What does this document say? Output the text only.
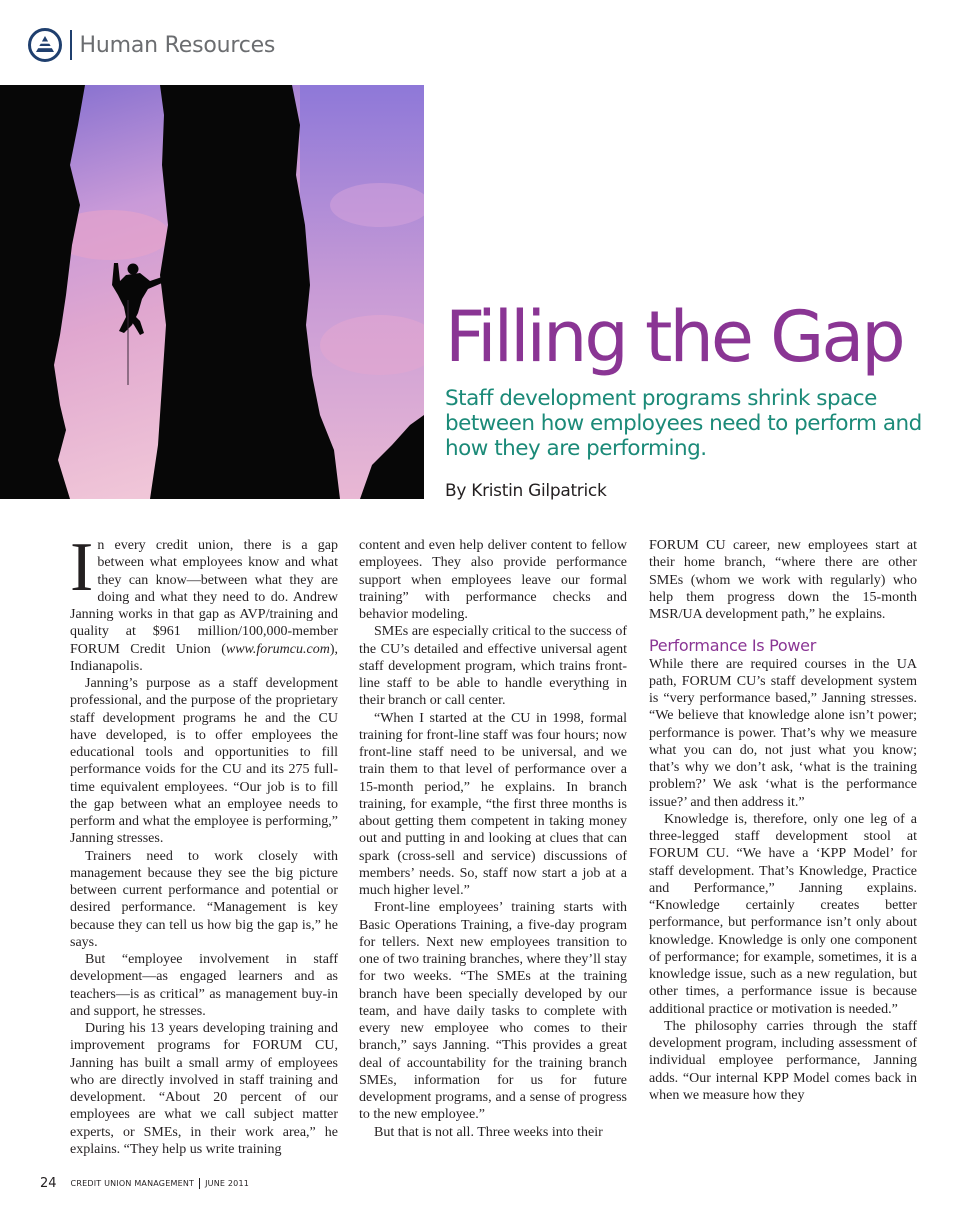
Human Resources
Filling the Gap
Staff development programs shrink space between how employees need to perform and how they are performing.
By Kristin Gilpatrick

In every credit union, there is a gap between what employees know and what they can know—between what they are doing and what they need to do. Andrew Janning works in that gap as AVP/training and quality at $961 million/100,000-member FORUM Credit Union (www.forumcu.com), Indianapolis.

Janning’s purpose as a staff development professional, and the purpose of the proprietary staff development programs he and the CU have developed, is to offer employees the educational tools and opportunities to fill performance voids for the CU and its 275 full-time equivalent employees. “Our job is to fill the gap between what an employee needs to perform and what the employee is performing,” Janning stresses.

Trainers need to work closely with management because they see the big picture between current performance and potential or desired performance. “Management is key because they can tell us how big the gap is,” he says.

But “employee involvement in staff development—as engaged learners and as teachers—is as critical” as management buy-in and support, he stresses.

During his 13 years developing training and improvement programs for FORUM CU, Janning has built a small army of employees who are directly involved in staff training and development. “About 20 percent of our employees are what we call subject matter experts, or SMEs, in their work area,” he explains. “They help us write training

content and even help deliver content to fellow employees. They also provide performance support when employees leave our formal training” with performance checks and behavior modeling.

SMEs are especially critical to the success of the CU’s detailed and effective universal agent staff development program, which trains front-line staff to be able to handle everything in their branch or call center.

“When I started at the CU in 1998, formal training for front-line staff was four hours; now front-line staff need to be universal, and we train them to that level of performance over a 15-month period,” he explains. In branch training, for example, “the first three months is about getting them competent in taking money out and putting in and looking at clues that can spark (cross-sell and service) discussions of members’ needs. So, staff now start a job at a much higher level.”

Front-line employees’ training starts with Basic Operations Training, a five-day program for tellers. Next new employees transition to one of two training branches, where they’ll stay for two weeks. “The SMEs at the training branch have been specially developed by our team, and have daily tasks to complete with every new employee who comes to their branch,” says Janning. “This provides a great deal of accountability for the training branch SMEs, information for us for future development programs, and a sense of progress to the new employee.”

But that is not all. Three weeks into their

FORUM CU career, new employees start at their home branch, “where there are other SMEs (whom we work with regularly) who help them progress down the 15-month MSR/UA development path,” he explains.

Performance Is Power

While there are required courses in the UA path, FORUM CU’s staff development system is “very performance based,” Janning stresses. “We believe that knowledge alone isn’t power; performance is power. That’s why we measure what you can do, not just what you know; that’s why we don’t ask, ‘what is the training problem?’ We ask ‘what is the performance issue?’ and then address it.”

Knowledge is, therefore, only one leg of a three-legged staff development stool at FORUM CU. “We have a ‘KPP Model’ for staff development. That’s Knowledge, Practice and Performance,” Janning explains. “Knowledge certainly creates better performance, but performance isn’t only about knowledge. Knowledge is only one component of performance; for example, sometimes, it is a knowledge issue, such as a new regulation, but other times, a performance issue is because additional practice or motivation is needed.”

The philosophy carries through the staff development program, including assessment of individual employee performance, Janning adds. “Our internal KPP Model comes back in when we measure how they

24 CREDIT UNION MANAGEMENT JUNE 2011
